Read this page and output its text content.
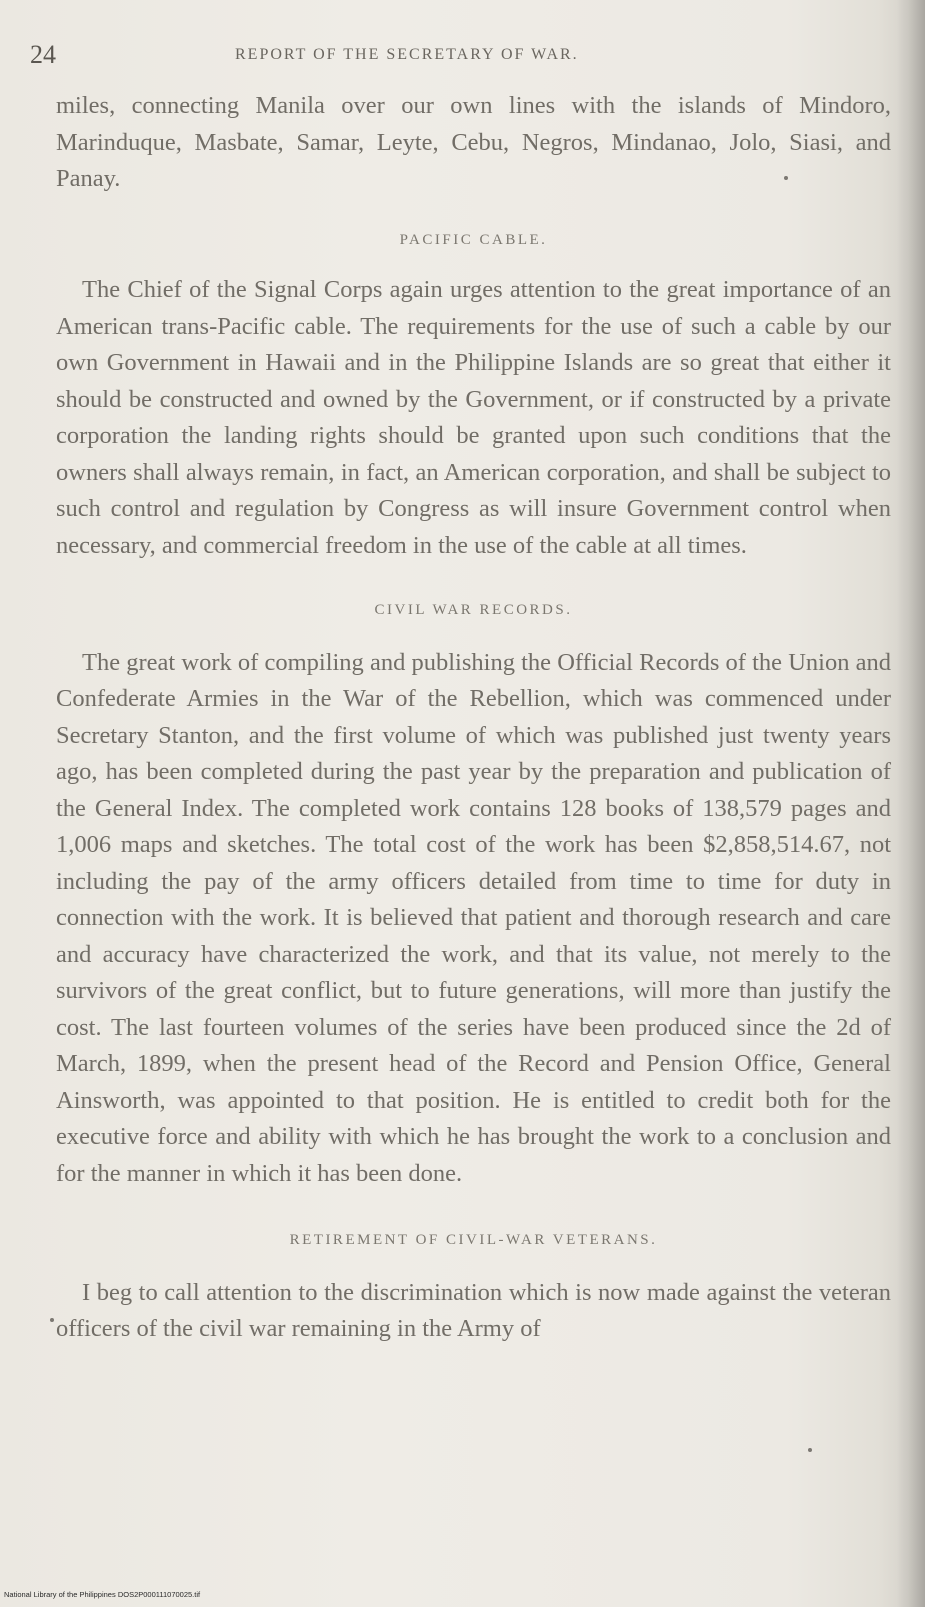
24	REPORT OF THE SECRETARY OF WAR.

miles, connecting Manila over our own lines with the islands of Mindoro, Marinduque, Masbate, Samar, Leyte, Cebu, Negros, Mindanao, Jolo, Siasi, and Panay.

PACIFIC CABLE.

The Chief of the Signal Corps again urges attention to the great importance of an American trans-Pacific cable. The requirements for the use of such a cable by our own Government in Hawaii and in the Philippine Islands are so great that either it should be constructed and owned by the Government, or if constructed by a private corporation the landing rights should be granted upon such conditions that the owners shall always remain, in fact, an American corporation, and shall be subject to such control and regulation by Congress as will insure Government control when necessary, and commercial freedom in the use of the cable at all times.

CIVIL WAR RECORDS.

The great work of compiling and publishing the Official Records of the Union and Confederate Armies in the War of the Rebellion, which was commenced under Secretary Stanton, and the first volume of which was published just twenty years ago, has been completed during the past year by the preparation and publication of the General Index. The completed work contains 128 books of 138,579 pages and 1,006 maps and sketches. The total cost of the work has been $2,858,514.67, not including the pay of the army officers detailed from time to time for duty in connection with the work. It is believed that patient and thorough research and care and accuracy have characterized the work, and that its value, not merely to the survivors of the great conflict, but to future generations, will more than justify the cost. The last fourteen volumes of the series have been produced since the 2d of March, 1899, when the present head of the Record and Pension Office, General Ainsworth, was appointed to that position. He is entitled to credit both for the executive force and ability with which he has brought the work to a conclusion and for the manner in which it has been done.

RETIREMENT OF CIVIL-WAR VETERANS.

I beg to call attention to the discrimination which is now made against the veteran officers of the civil war remaining in the Army of

National Library of the Philippines DOS2P000111070025.tif
